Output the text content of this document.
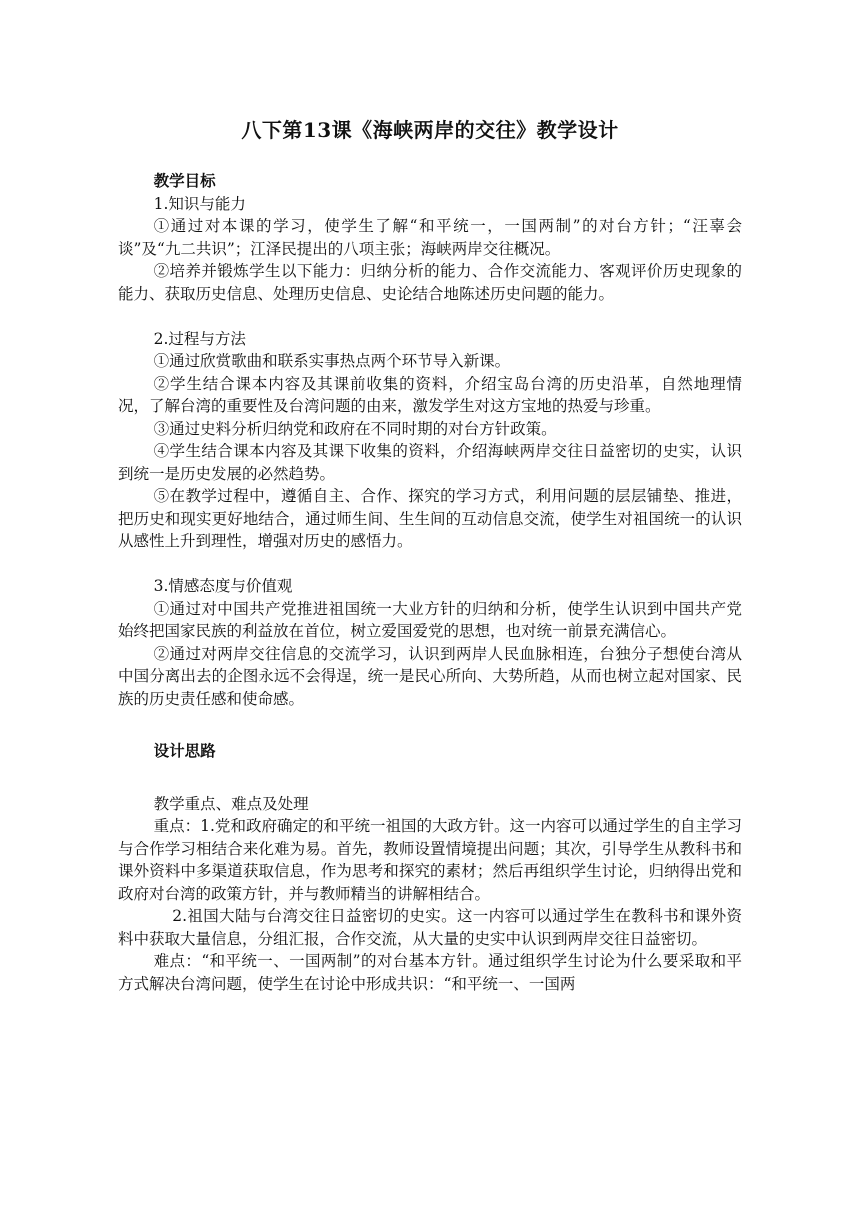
八下第13课《海峡两岸的交往》教学设计

教学目标

1.知识与能力

①通过对本课的学习，使学生了解“和平统一，一国两制”的对台方针；“汪辜会谈”及“九二共识”；江泽民提出的八项主张；海峡两岸交往概况。

②培养并锻炼学生以下能力：归纳分析的能力、合作交流能力、客观评价历史现象的能力、获取历史信息、处理历史信息、史论结合地陈述历史问题的能力。

2.过程与方法

①通过欣赏歌曲和联系实事热点两个环节导入新课。

②学生结合课本内容及其课前收集的资料，介绍宝岛台湾的历史沿革，自然地理情况，了解台湾的重要性及台湾问题的由来，激发学生对这方宝地的热爱与珍重。

③通过史料分析归纳党和政府在不同时期的对台方针政策。

④学生结合课本内容及其课下收集的资料，介绍海峡两岸交往日益密切的史实，认识到统一是历史发展的必然趋势。

⑤在教学过程中，遵循自主、合作、探究的学习方式，利用问题的层层铺垫、推进，把历史和现实更好地结合，通过师生间、生生间的互动信息交流，使学生对祖国统一的认识从感性上升到理性，增强对历史的感悟力。

3.情感态度与价值观

①通过对中国共产党推进祖国统一大业方针的归纳和分析，使学生认识到中国共产党始终把国家民族的利益放在首位，树立爱国爱党的思想，也对统一前景充满信心。

②通过对两岸交往信息的交流学习，认识到两岸人民血脉相连，台独分子想使台湾从中国分离出去的企图永远不会得逞，统一是民心所向、大势所趋，从而也树立起对国家、民族的历史责任感和使命感。

设计思路

教学重点、难点及处理

重点：1.党和政府确定的和平统一祖国的大政方针。这一内容可以通过学生的自主学习与合作学习相结合来化难为易。首先，教师设置情境提出问题；其次，引导学生从教科书和课外资料中多渠道获取信息，作为思考和探究的素材；然后再组织学生讨论，归纳得出党和政府对台湾的政策方针，并与教师精当的讲解相结合。

2.祖国大陆与台湾交往日益密切的史实。这一内容可以通过学生在教科书和课外资料中获取大量信息，分组汇报，合作交流，从大量的史实中认识到两岸交往日益密切。

难点：“和平统一、一国两制”的对台基本方针。通过组织学生讨论为什么要采取和平方式解决台湾问题，使学生在讨论中形成共识：“和平统一、一国两
